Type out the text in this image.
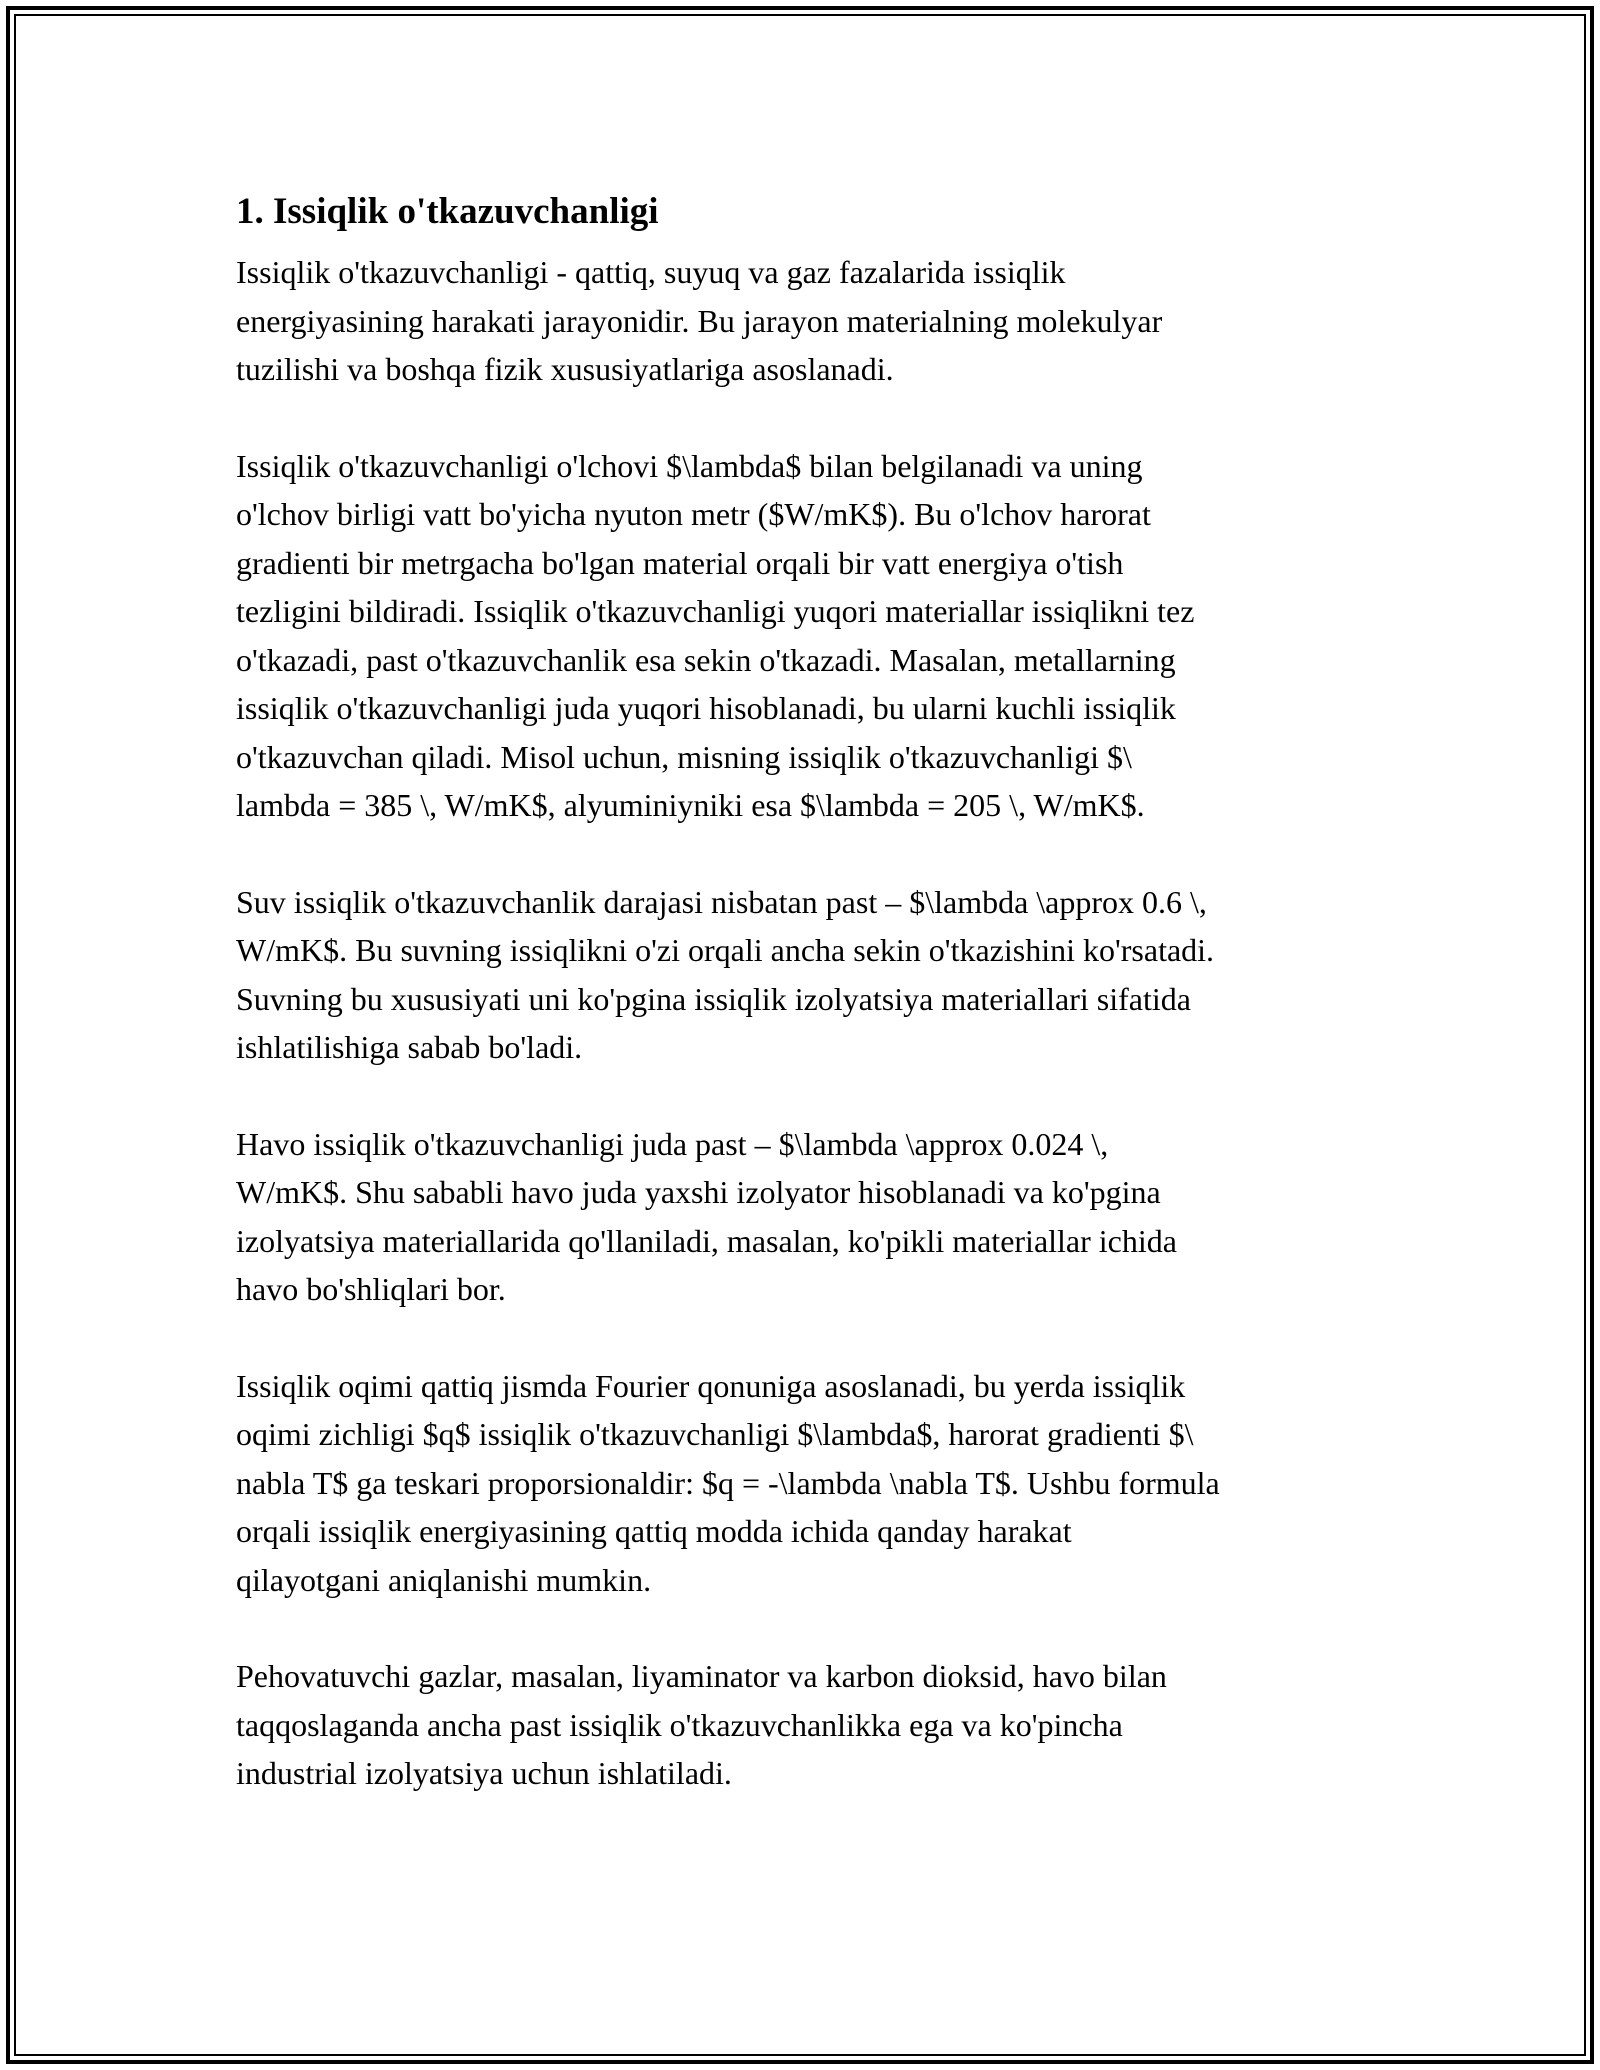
1. Issiqlik o'tkazuvchanligi

Issiqlik o'tkazuvchanligi - qattiq, suyuq va gaz fazalarida issiqlik
energiyasining harakati jarayonidir. Bu jarayon materialning molekulyar
tuzilishi va boshqa fizik xususiyatlariga asoslanadi.

Issiqlik o'tkazuvchanligi o'lchovi $\lambda$ bilan belgilanadi va uning
o'lchov birligi vatt bo'yicha nyuton metr ($W/mK$). Bu o'lchov harorat
gradienti bir metrgacha bo'lgan material orqali bir vatt energiya o'tish
tezligini bildiradi. Issiqlik o'tkazuvchanligi yuqori materiallar issiqlikni tez
o'tkazadi, past o'tkazuvchanlik esa sekin o'tkazadi. Masalan, metallarning
issiqlik o'tkazuvchanligi juda yuqori hisoblanadi, bu ularni kuchli issiqlik
o'tkazuvchan qiladi. Misol uchun, misning issiqlik o'tkazuvchanligi $\
lambda = 385 \, W/mK$, alyuminiyniki esa $\lambda = 205 \, W/mK$.

Suv issiqlik o'tkazuvchanlik darajasi nisbatan past – $\lambda \approx 0.6 \,
W/mK$. Bu suvning issiqlikni o'zi orqali ancha sekin o'tkazishini ko'rsatadi.
Suvning bu xususiyati uni ko'pgina issiqlik izolyatsiya materiallari sifatida
ishlatilishiga sabab bo'ladi.

Havo issiqlik o'tkazuvchanligi juda past – $\lambda \approx 0.024 \,
W/mK$. Shu sababli havo juda yaxshi izolyator hisoblanadi va ko'pgina
izolyatsiya materiallarida qo'llaniladi, masalan, ko'pikli materiallar ichida
havo bo'shliqlari bor.

Issiqlik oqimi qattiq jismda Fourier qonuniga asoslanadi, bu yerda issiqlik
oqimi zichligi $q$ issiqlik o'tkazuvchanligi $\lambda$, harorat gradienti $\
nabla T$ ga teskari proporsionaldir: $q = -\lambda \nabla T$. Ushbu formula
orqali issiqlik energiyasining qattiq modda ichida qanday harakat
qilayotgani aniqlanishi mumkin.

Pehovatuvchi gazlar, masalan, liyaminator va karbon dioksid, havo bilan
taqqoslaganda ancha past issiqlik o'tkazuvchanlikka ega va ko'pincha
industrial izolyatsiya uchun ishlatiladi.
